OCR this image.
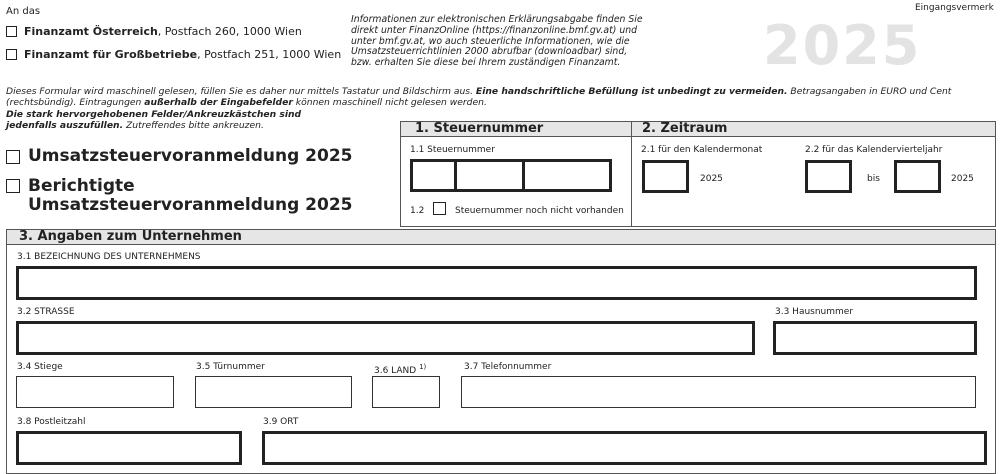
An das
Finanzamt Österreich, Postfach 260, 1000 Wien
Finanzamt für Großbetriebe, Postfach 251, 1000 Wien
Informationen zur elektronischen Erklärungsabgabe finden Sie
direkt unter FinanzOnline (https://finanzonline.bmf.gv.at) und
unter bmf.gv.at, wo auch steuerliche Informationen, wie die
Umsatzsteuerrichtlinien 2000 abrufbar (downloadbar) sind,
bzw. erhalten Sie diese bei Ihrem zuständigen Finanzamt.
Eingangsvermerk
2025
Dieses Formular wird maschinell gelesen, füllen Sie es daher nur mittels Tastatur und Bildschirm aus. Eine handschriftliche Befüllung ist unbedingt zu vermeiden. Betragsangaben in EURO und Cent
(rechtsbündig). Eintragungen außerhalb der Eingabefelder können maschinell nicht gelesen werden.
Die stark hervorgehobenen Felder/Ankreuzkästchen sind
jedenfalls auszufüllen. Zutreffendes bitte ankreuzen.
Umsatzsteuervoranmeldung 2025
Berichtigte
Umsatzsteuervoranmeldung 2025
1. Steuernummer	2. Zeitraum
1.1 Steuernummer
1.2	Steuernummer noch nicht vorhanden
2.1 für den Kalendermonat
2025
2.2 für das Kalendervierteljahr
bis	2025
3. Angaben zum Unternehmen
3.1 BEZEICHNUNG DES UNTERNEHMENS
3.2 STRASSE	3.3 Hausnummer
3.4 Stiege	3.5 Türnummer	3.6 LAND $^{1)}$	3.7 Telefonnummer
3.8 Postleitzahl	3.9 ORT
